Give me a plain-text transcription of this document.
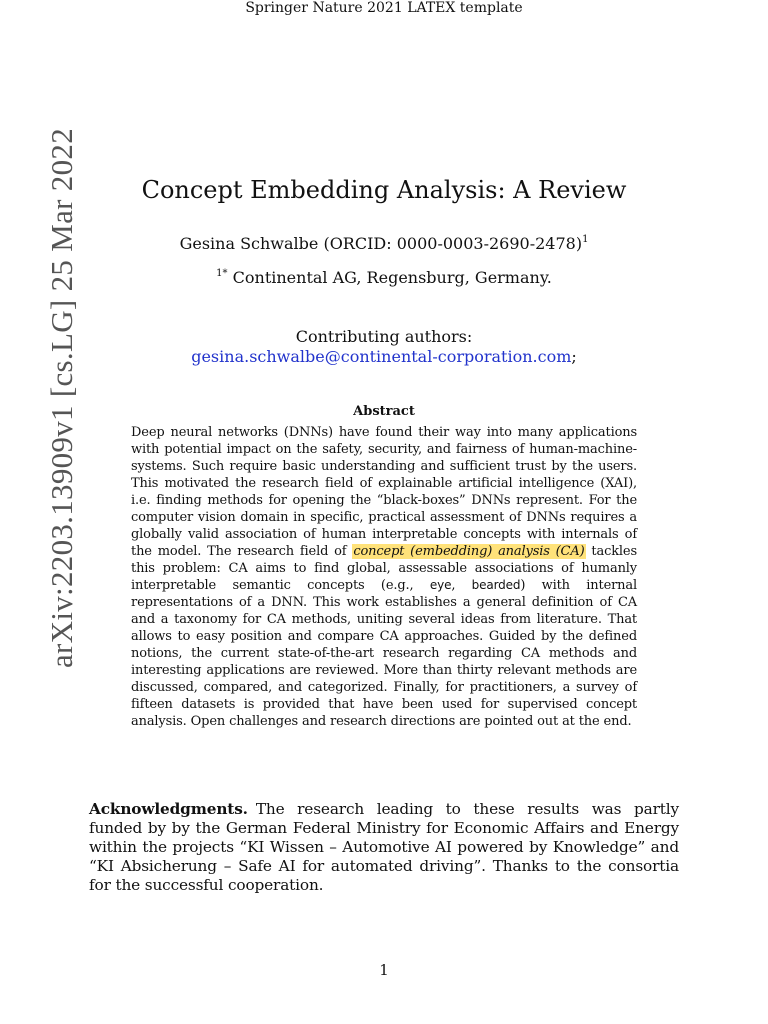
Springer Nature 2021 LATEX template
arXiv:2203.13909v1 [cs.LG] 25 Mar 2022	Concept Embedding Analysis: A Review
Gesina Schwalbe (ORCID: 0000-0003-2690-2478)$^1$
$^{1*}$ Continental AG, Regensburg, Germany.
Contributing authors:
gesina.schwalbe@continental-corporation.com;
Abstract

Deep neural networks (DNNs) have found their way into many applications with potential impact on the safety, security, and fairness of human-machine-systems. Such require basic understanding and sufficient trust by the users. This motivated the research field of explainable artificial intelligence (XAI), i.e. finding methods for opening the “black-boxes” DNNs represent. For the computer vision domain in specific, practical assessment of DNNs requires a globally valid association of human interpretable concepts with internals of the model. The research field of concept (embedding) analysis (CA) tackles this problem: CA aims to find global, assessable associations of humanly interpretable semantic concepts (e.g., eye, bearded) with internal representations of a DNN. This work establishes a general definition of CA and a taxonomy for CA methods, uniting several ideas from literature. That allows to easy position and compare CA approaches. Guided by the defined notions, the current state-of-the-art research regarding CA methods and interesting applications are reviewed. More than thirty relevant methods are discussed, compared, and categorized. Finally, for practitioners, a survey of fifteen datasets is provided that have been used for supervised concept analysis. Open challenges and research directions are pointed out at the end.

Acknowledgments. The research leading to these results was partly funded by by the German Federal Ministry for Economic Affairs and Energy within the projects “KI Wissen – Automotive AI powered by Knowledge” and “KI Absicherung – Safe AI for automated driving”. Thanks to the consortia for the successful cooperation.

1
